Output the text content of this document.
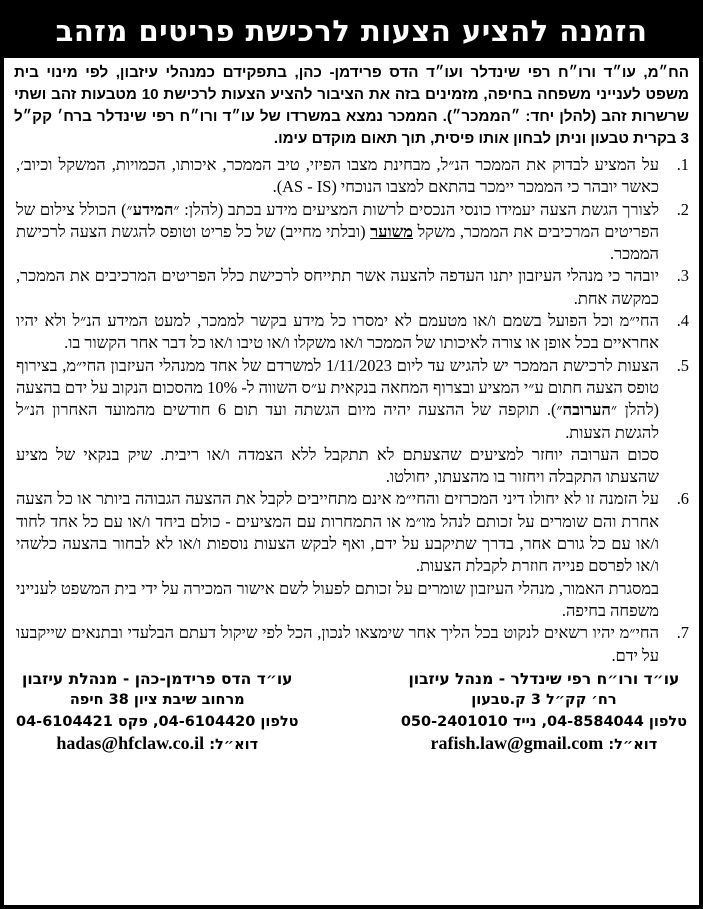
הזמנה להציע הצעות לרכישת פריטים מזהב
הח״מ, עו״ד ורו״ח רפי שינדלר ועו״ד הדס פרידמן- כהן, בתפקידם כמנהלי עיזבון, לפי מינוי בית משפט לענייני משפחה בחיפה, מזמינים בזה את הציבור להציע הצעות לרכישת 10 מטבעות זהב ושתי שרשרות זהב (להלן יחד: ״הממכר״). הממכר נמצא במשרדו של עו״ד ורו״ח רפי שינדלר ברח׳ קק״ל 3 בקרית טבעון וניתן לבחון אותו פיסית, תוך תאום מוקדם עימו.
1.

על המציע לבדוק את הממכר הנ״ל, מבחינת מצבו הפיזי, טיב הממכר, איכותו, הכמויות, המשקל וכיוב׳, כאשר יובהר כי הממכר יימכר בהתאם למצבו הנוכחי (AS - IS).

2.

לצורך הגשת הצעה יעמידו כונסי הנכסים לרשות המציעים מידע בכתב (להלן: ״המידע״) הכולל צילום של הפריטים המרכיבים את הממכר, משקל משוער (ובלתי מחייב) של כל פריט וטופס להגשת הצעה לרכישת הממכר.

3.

יובהר כי מנהלי העיזבון יתנו העדפה להצעה אשר תתייחס לרכישת כלל הפריטים המרכיבים את הממכר, כמקשה אחת.

4.

החי״מ וכל הפועל בשמם ו/או מטעמם לא ימסרו כל מידע בקשר לממכר, למעט המידע הנ״ל ולא יהיו אחראיים בכל אופן או צורה לאיכותו של הממכר ו/או משקלו ו/או טיבו ו/או כל דבר אחר הקשור בו.

5.

הצעות לרכישת הממכר יש להגיש עד ליום 1/11/2023 למשרדם של אחד ממנהלי העיזבון החי״מ, בצירוף טופס הצעה חתום ע״י המציע ובצרוף המחאה בנקאית ע״ס השווה ל- 10% מהסכום הנקוב על ידם בהצעה (להלן ״הערובה״). תוקפה של ההצעה יהיה מיום הגשתה ועד תום 6 חודשים מהמועד האחרון הנ״ל להגשת הצעות.

סכום הערובה יוחזר למציעים שהצעתם לא תתקבל ללא הצמדה ו/או ריבית. שיק בנקאי של מציע שהצעתו התקבלה ויחזור בו מהצעתו, יחולטו.

6.

על הזמנה זו לא יחולו דיני המכרזים והחי״מ אינם מתחייבים לקבל את ההצעה הגבוהה ביותר או כל הצעה אחרת והם שומרים על זכותם לנהל מו״מ או התמחרות עם המציעים - כולם ביחד ו/או עם כל אחד לחוד ו/או עם כל גורם אחר, בדרך שתיקבע על ידם, ואף לבקש הצעות נוספות ו/או לא לבחור בהצעה כלשהי ו/או לפרסם פנייה חוזרת לקבלת הצעות.

במסגרת האמור, מנהלי העיזבון שומרים על זכותם לפעול לשם אישור המכירה על ידי בית המשפט לענייני משפחה בחיפה.

7.

החי״מ יהיו רשאים לנקוט בכל הליך אחר שימצאו לנכון, הכל לפי שיקול דעתם הבלעדי ובתנאים שייקבעו על ידם.

עו״ד ורו״ח רפי שינדלר - מנהל עיזבון
רח׳ קק״ל 3 ק.טבעון
טלפון 04-8584044, נייד 050-2401010
דוא״ל: rafish.law@gmail.com
עו״ד הדס פרידמן-כהן - מנהלת עיזבון
מרחוב שיבת ציון 38 חיפה
טלפון 04-6104420, פקס 04-6104421
דוא״ל: hadas@hfclaw.co.il
